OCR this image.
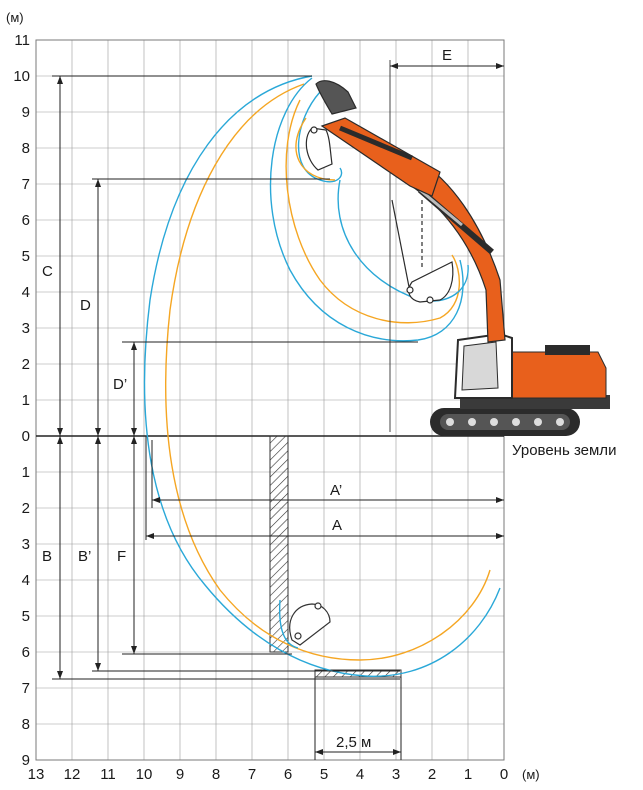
11
10
9
8
7
6
5
4
3
2
1
0
1
2
3
4
5
6
7
8
9
13 12 11 10 9 8 7 6 5 4 3 2 1 0
(м)
(м)
Уровень земли
C
D
D’
B B’ F
A
A’
E
2,5 м
